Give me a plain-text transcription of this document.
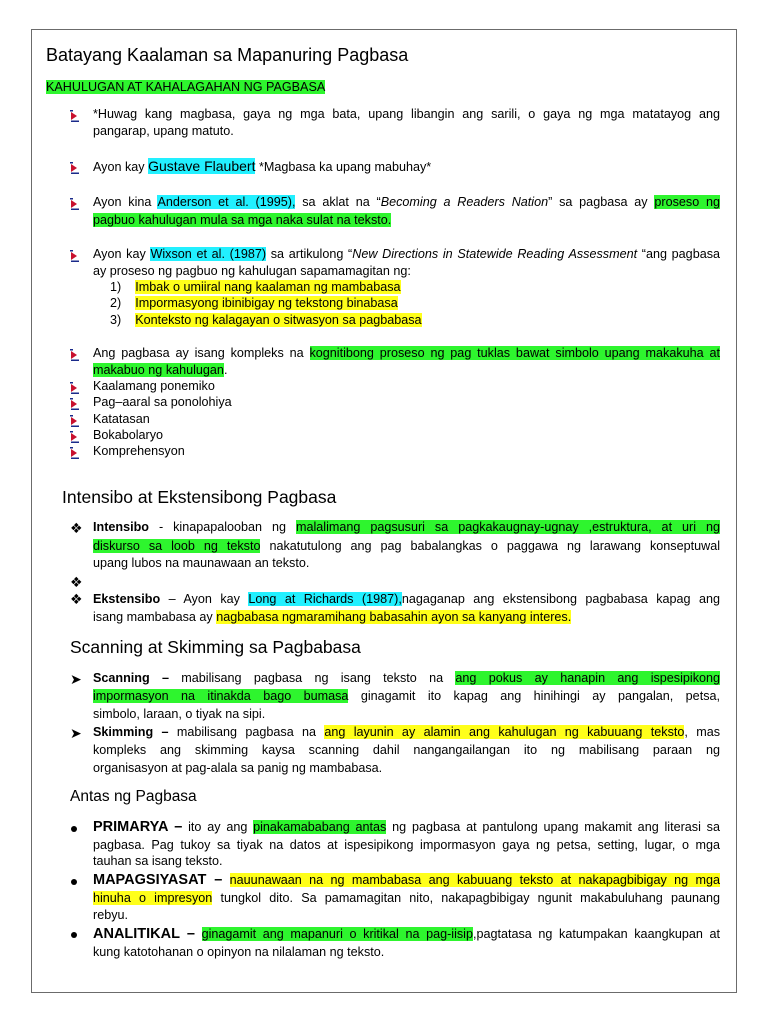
Batayang Kaalaman sa Mapanuring Pagbasa
KAHULUGAN AT KAHALAGAHAN NG PAGBASA
*Huwag kang magbasa, gaya ng mga bata, upang libangin ang sarili, o gaya ng mga matatayog ang
pangarap, upang matuto.
Ayon kay Gustave Flaubert *Magbasa ka upang mabuhay*
Ayon kina Anderson et al. (1995), sa aklat na “Becoming a Readers Nation” sa pagbasa ay proseso ng
pagbuo kahulugan mula sa mga naka sulat na teksto.
Ayon kay Wixson et al. (1987) sa artikulong “New Directions in Statewide Reading Assessment “ang pagbasa
ay proseso ng pagbuo ng kahulugan sapamamagitan ng:
1) Imbak o umiiral nang kaalaman ng mambabasa
2) Impormasyong ibinibigay ng tekstong binabasa
3) Konteksto ng kalagayan o sitwasyon sa pagbabasa
Ang pagbasa ay isang kompleks na kognitibong proseso ng pag tuklas bawat simbolo upang makakuha at
makabuo ng kahulugan.
Kaalamang ponemiko
Pag–aaral sa ponolohiya
Katatasan
Bokabolaryo
Komprehensyon
Intensibo at Ekstensibong Pagbasa
❖ Intensibo - kinapapalooban ng malalimang pagsusuri sa pagkakaugnay-ugnay ,estruktura, at uri ng
diskurso sa loob ng teksto nakatutulong ang pag babalangkas o paggawa ng larawang konseptuwal
upang lubos na maunawaan an teksto.
❖
❖ Ekstensibo – Ayon kay Long at Richards (1987),nagaganap ang ekstensibong pagbabasa kapag ang
isang mambabasa ay nagbabasa ngmaramihang babasahin ayon sa kanyang interes.
Scanning at Skimming sa Pagbabasa
➤ Scanning – mabilisang pagbasa ng isang teksto na ang pokus ay hanapin ang ispesipikong
impormasyon na itinakda bago bumasa ginagamit ito kapag ang hinihingi ay pangalan, petsa,
simbolo, laraan, o tiyak na sipi.
➤ Skimming – mabilisang pagbasa na ang layunin ay alamin ang kahulugan ng kabuuang teksto, mas
kompleks ang skimming kaysa scanning dahil nangangailangan ito ng mabilisang paraan ng
organisasyon at pag-alala sa panig ng mambabasa.
Antas ng Pagbasa
PRIMARYA – ito ay ang pinakamababang antas ng pagbasa at pantulong upang makamit ang literasi sa
pagbasa. Pag tukoy sa tiyak na datos at ispesipikong impormasyon gaya ng petsa, setting, lugar, o mga
tauhan sa isang teksto.
MAPAGSIYASAT – nauunawaan na ng mambabasa ang kabuuang teksto at nakapagbibigay ng mga
hinuha o impresyon tungkol dito. Sa pamamagitan nito, nakapagbibigay ngunit makabuluhang paunang
rebyu.
ANALITIKAL – ginagamit ang mapanuri o kritikal na pag-iisip,pagtatasa ng katumpakan kaangkupan at
kung katotohanan o opinyon na nilalaman ng teksto.
